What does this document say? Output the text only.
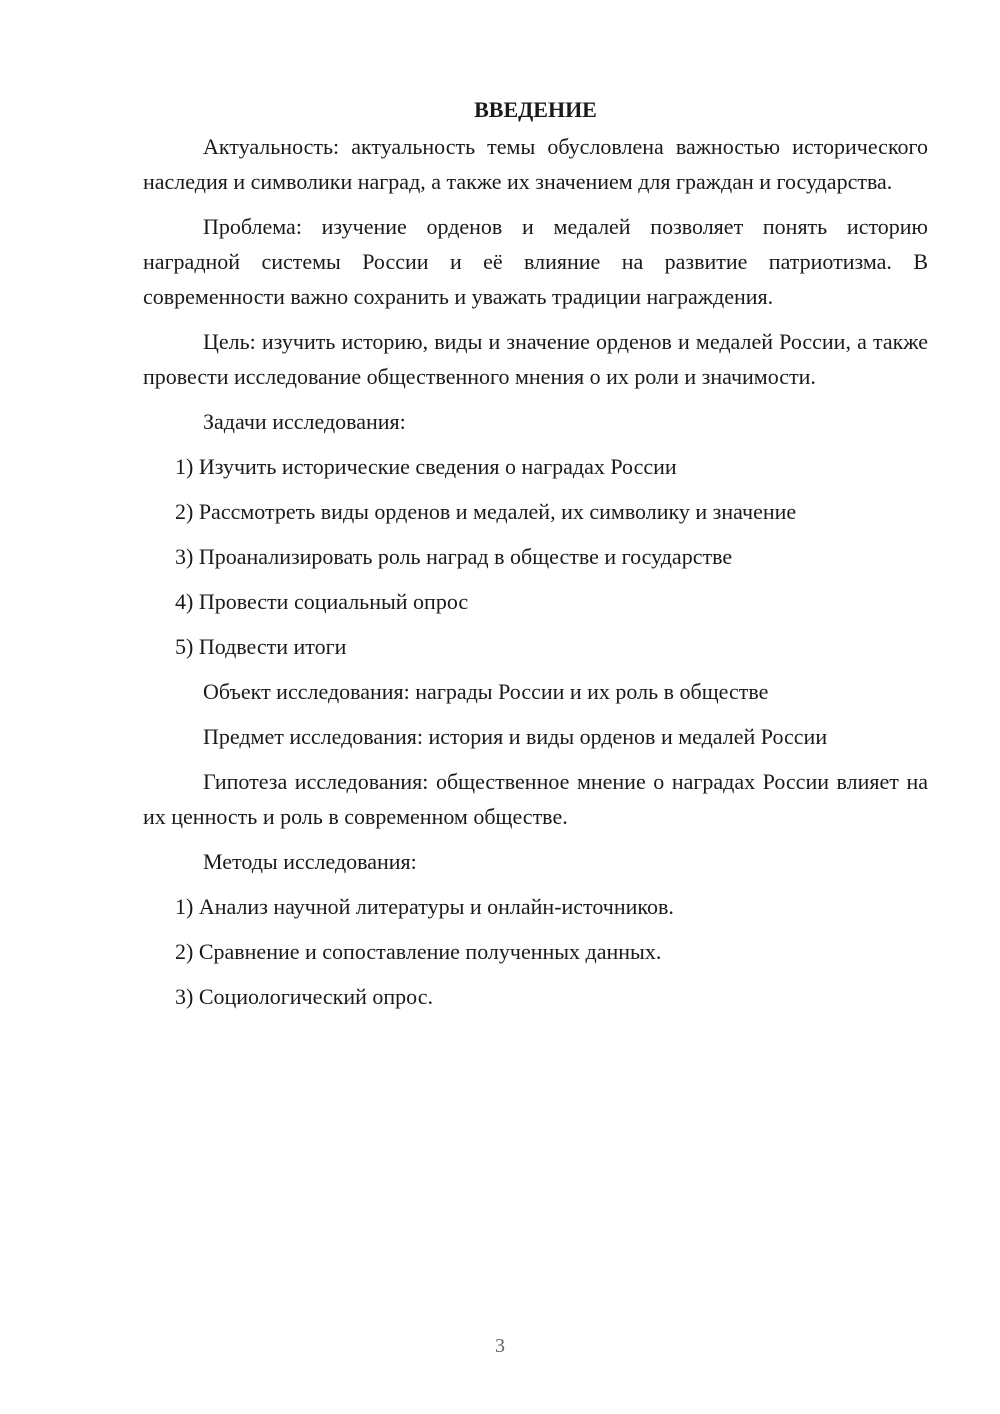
ВВЕДЕНИЕ

Актуальность: актуальность темы обусловлена важностью исторического наследия и символики наград, а также их значением для граждан и государства.

Проблема: изучение орденов и медалей позволяет понять историю наградной системы России и её влияние на развитие патриотизма. В современности важно сохранить и уважать традиции награждения.

Цель: изучить историю, виды и значение орденов и медалей России, а также провести исследование общественного мнения о их роли и значимости.

Задачи исследования:

1) Изучить исторические сведения о наградах России

2) Рассмотреть виды орденов и медалей, их символику и значение

3) Проанализировать роль наград в обществе и государстве

4) Провести социальный опрос

5) Подвести итоги

Объект исследования: награды России и их роль в обществе

Предмет исследования: история и виды орденов и медалей России

Гипотеза исследования: общественное мнение о наградах России влияет на их ценность и роль в современном обществе.

Методы исследования:

1) Анализ научной литературы и онлайн-источников.

2) Сравнение и сопоставление полученных данных.

3) Социологический опрос.

3
